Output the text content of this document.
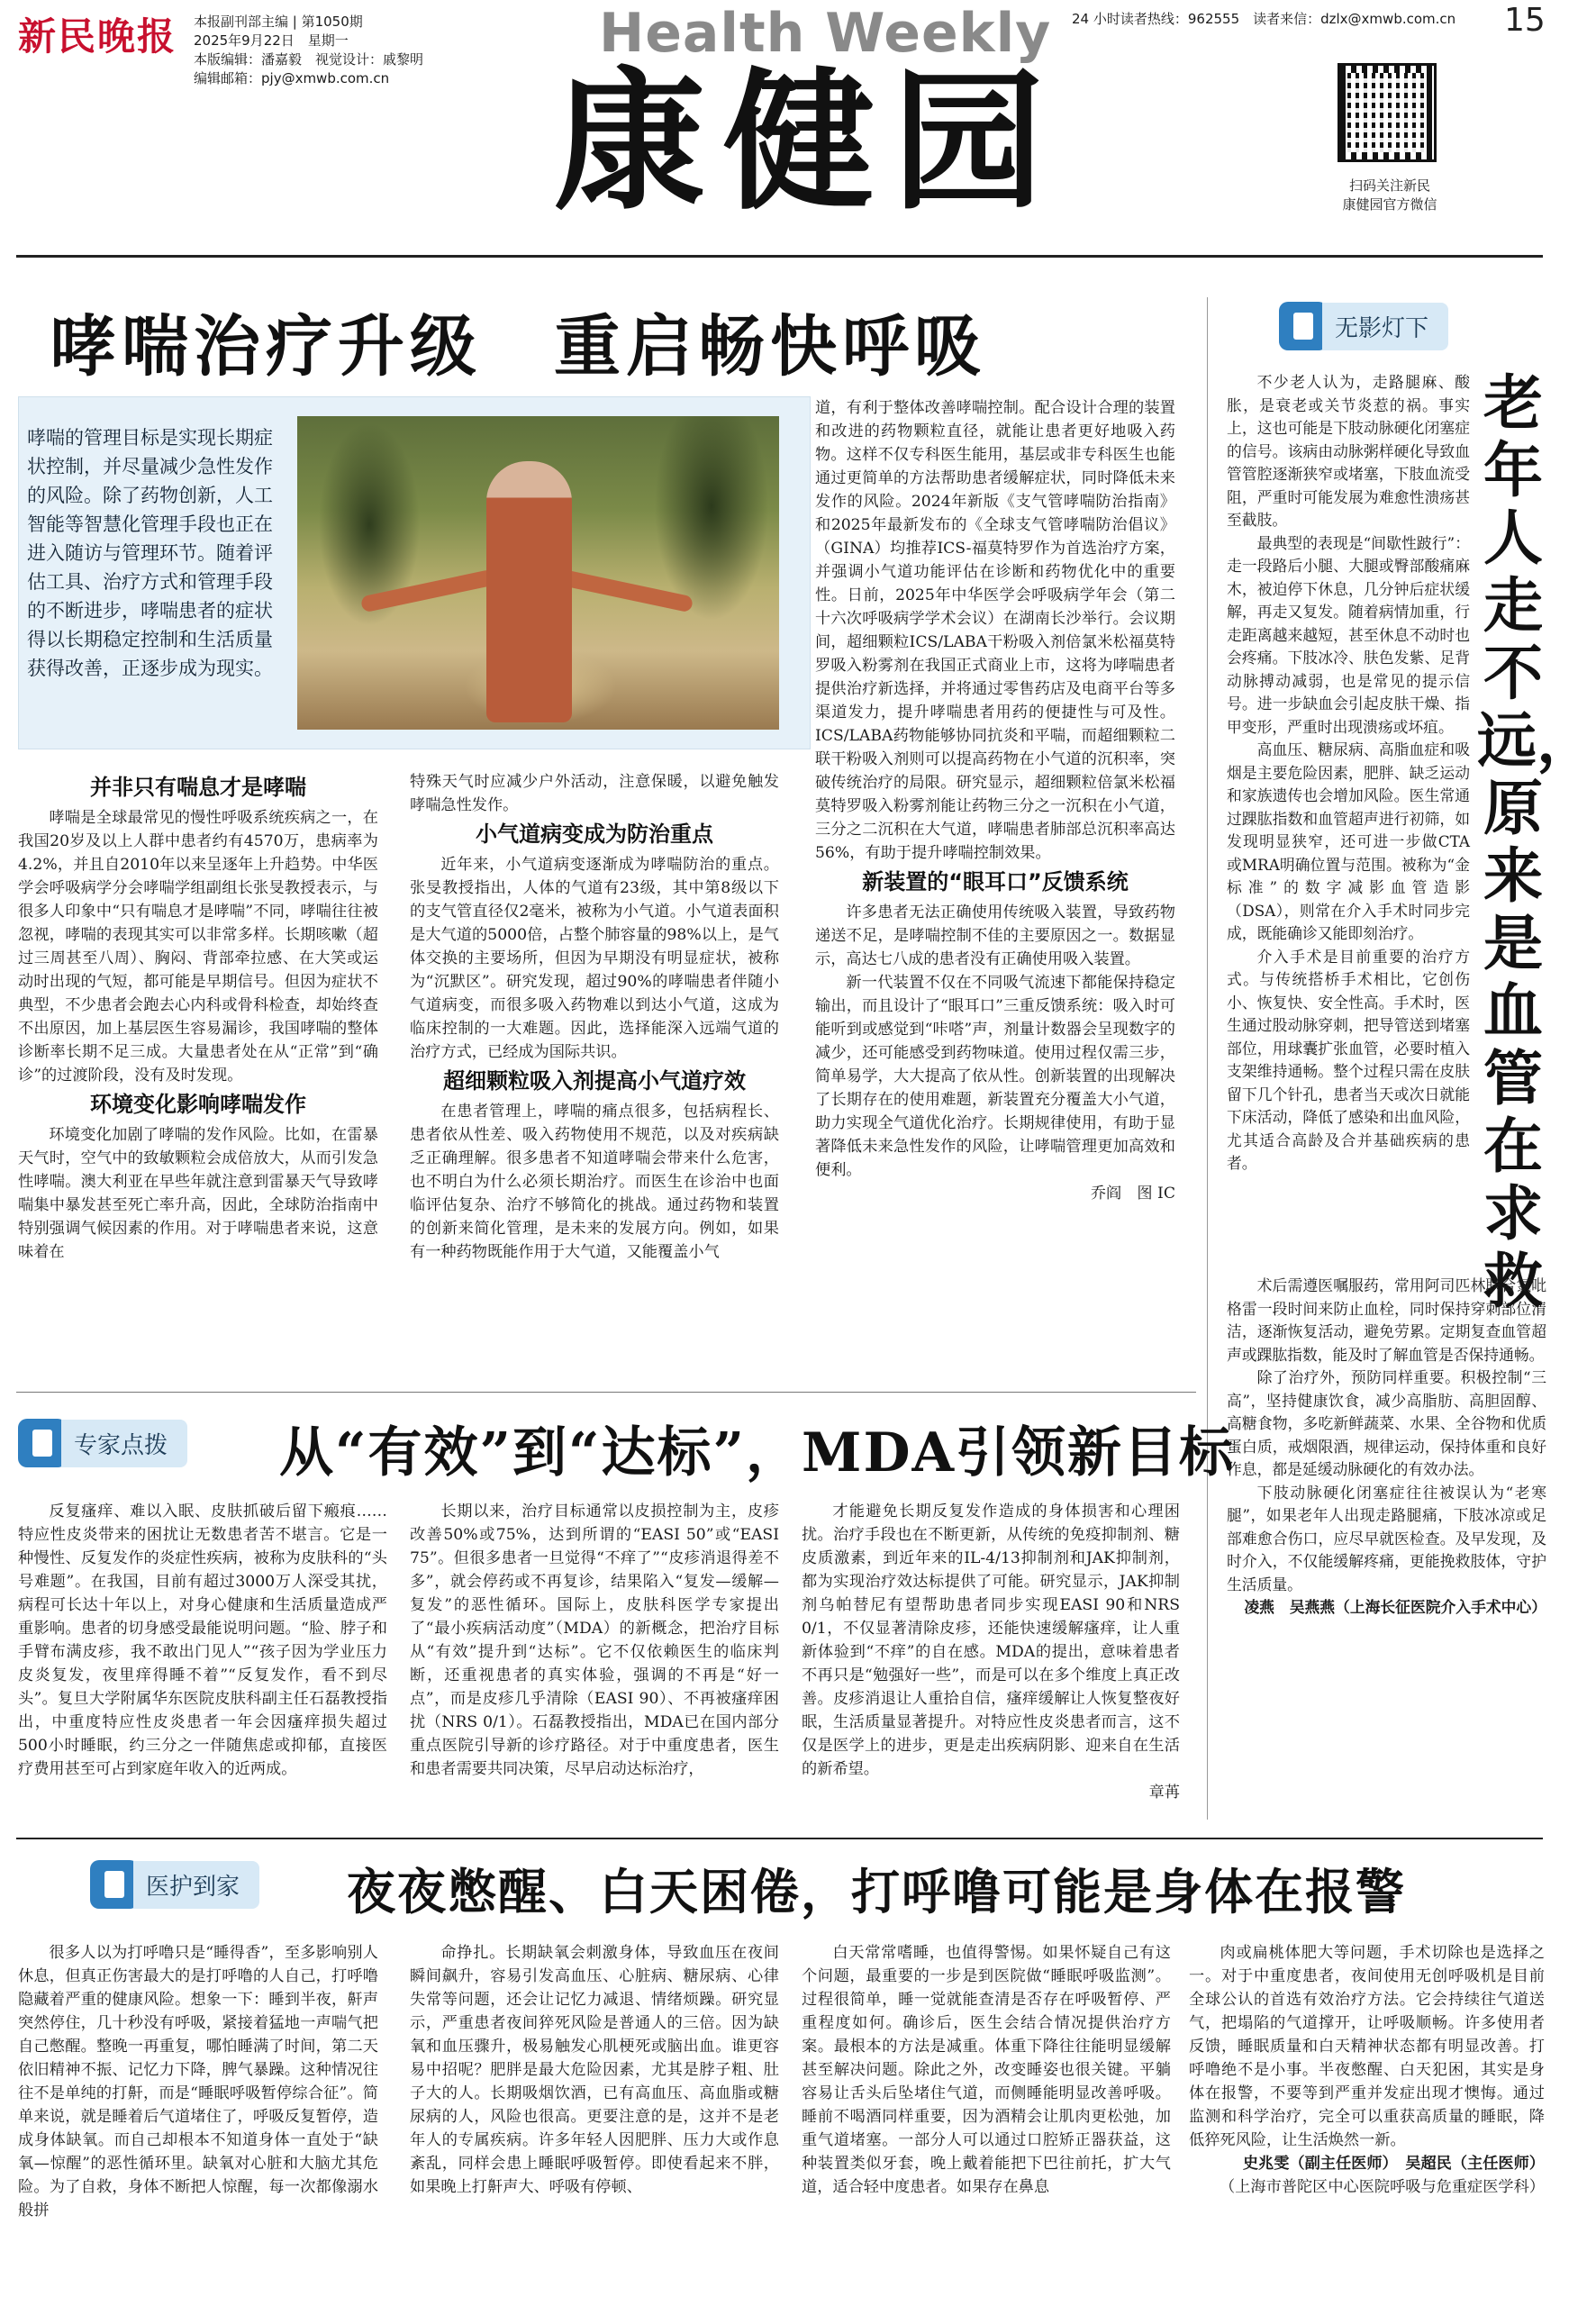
新民晚报 本报副刊部主编 | 第1050期
2025年9月22日　星期一
本版编辑：潘嘉毅　视觉设计：戚黎明
编辑邮箱：pjy@xmwb.com.cn
Health Weekly
康健园
24 小时读者热线：962555　读者来信：dzlx@xmwb.com.cn 15
扫码关注新民
康健园官方微信
哮喘治疗升级　重启畅快呼吸
哮喘的管理目标是实现长期症状控制，并尽量减少急性发作的风险。除了药物创新，人工智能等智慧化管理手段也正在进入随访与管理环节。随着评估工具、治疗方式和管理手段的不断进步，哮喘患者的症状得以长期稳定控制和生活质量获得改善，正逐步成为现实。
并非只有喘息才是哮喘

哮喘是全球最常见的慢性呼吸系统疾病之一，在我国20岁及以上人群中患者约有4570万，患病率为4.2%，并且自2010年以来呈逐年上升趋势。中华医学会呼吸病学分会哮喘学组副组长张旻教授表示，与很多人印象中“只有喘息才是哮喘”不同，哮喘往往被忽视，哮喘的表现其实可以非常多样。长期咳嗽（超过三周甚至八周）、胸闷、背部牵拉感、在大笑或运动时出现的气短，都可能是早期信号。但因为症状不典型，不少患者会跑去心内科或骨科检查，却始终查不出原因，加上基层医生容易漏诊，我国哮喘的整体诊断率长期不足三成。大量患者处在从“正常”到“确诊”的过渡阶段，没有及时发现。

环境变化影响哮喘发作

环境变化加剧了哮喘的发作风险。比如，在雷暴天气时，空气中的致敏颗粒会成倍放大，从而引发急性哮喘。澳大利亚在早些年就注意到雷暴天气导致哮喘集中暴发甚至死亡率升高，因此，全球防治指南中特别强调气候因素的作用。对于哮喘患者来说，这意味着在

特殊天气时应减少户外活动，注意保暖，以避免触发哮喘急性发作。

小气道病变成为防治重点

近年来，小气道病变逐渐成为哮喘防治的重点。张旻教授指出，人体的气道有23级，其中第8级以下的支气管直径仅2毫米，被称为小气道。小气道表面积是大气道的5000倍，占整个肺容量的98%以上，是气体交换的主要场所，但因为早期没有明显症状，被称为“沉默区”。研究发现，超过90%的哮喘患者伴随小气道病变，而很多吸入药物难以到达小气道，这成为临床控制的一大难题。因此，选择能深入远端气道的治疗方式，已经成为国际共识。

超细颗粒吸入剂提高小气道疗效

在患者管理上，哮喘的痛点很多，包括病程长、患者依从性差、吸入药物使用不规范，以及对疾病缺乏正确理解。很多患者不知道哮喘会带来什么危害，也不明白为什么必须长期治疗。而医生在诊治中也面临评估复杂、治疗不够简化的挑战。通过药物和装置的创新来简化管理，是未来的发展方向。例如，如果有一种药物既能作用于大气道，又能覆盖小气

道，有利于整体改善哮喘控制。配合设计合理的装置和改进的药物颗粒直径，就能让患者更好地吸入药物。这样不仅专科医生能用，基层或非专科医生也能通过更简单的方法帮助患者缓解症状，同时降低未来发作的风险。2024年新版《支气管哮喘防治指南》和2025年最新发布的《全球支气管哮喘防治倡议》（GINA）均推荐ICS-福莫特罗作为首选治疗方案，并强调小气道功能评估在诊断和药物优化中的重要性。日前，2025年中华医学会呼吸病学年会（第二十六次呼吸病学学术会议）在湖南长沙举行。会议期间，超细颗粒ICS/LABA干粉吸入剂倍氯米松福莫特罗吸入粉雾剂在我国正式商业上市，这将为哮喘患者提供治疗新选择，并将通过零售药店及电商平台等多渠道发力，提升哮喘患者用药的便捷性与可及性。ICS/LABA药物能够协同抗炎和平喘，而超细颗粒二联干粉吸入剂则可以提高药物在小气道的沉积率，突破传统治疗的局限。研究显示，超细颗粒倍氯米松福莫特罗吸入粉雾剂能让药物三分之一沉积在小气道，三分之二沉积在大气道，哮喘患者肺部总沉积率高达56%，有助于提升哮喘控制效果。

新装置的“眼耳口”反馈系统

许多患者无法正确使用传统吸入装置，导致药物递送不足，是哮喘控制不佳的主要原因之一。数据显示，高达七八成的患者没有正确使用吸入装置。

新一代装置不仅在不同吸气流速下都能保持稳定输出，而且设计了“眼耳口”三重反馈系统：吸入时可能听到或感觉到“咔嗒”声，剂量计数器会呈现数字的减少，还可能感受到药物味道。使用过程仅需三步，简单易学，大大提高了依从性。创新装置的出现解决了长期存在的使用难题，新装置充分覆盖大小气道，助力实现全气道优化治疗。长期规律使用，有助于显著降低未来急性发作的风险，让哮喘管理更加高效和便利。

乔阎　图 IC
无影灯下
老年人走不远，原来是血管在求救

不少老人认为，走路腿麻、酸胀，是衰老或关节炎惹的祸。事实上，这也可能是下肢动脉硬化闭塞症的信号。该病由动脉粥样硬化导致血管管腔逐渐狭窄或堵塞，下肢血流受阻，严重时可能发展为难愈性溃疡甚至截肢。

最典型的表现是“间歇性跛行”：走一段路后小腿、大腿或臀部酸痛麻木，被迫停下休息，几分钟后症状缓解，再走又复发。随着病情加重，行走距离越来越短，甚至休息不动时也会疼痛。下肢冰冷、肤色发紫、足背动脉搏动减弱，也是常见的提示信号。进一步缺血会引起皮肤干燥、指甲变形，严重时出现溃疡或坏疽。

高血压、糖尿病、高脂血症和吸烟是主要危险因素，肥胖、缺乏运动和家族遗传也会增加风险。医生常通过踝肱指数和血管超声进行初筛，如发现明显狭窄，还可进一步做CTA或MRA明确位置与范围。被称为“金标准”的数字减影血管造影（DSA），则常在介入手术时同步完成，既能确诊又能即刻治疗。

介入手术是目前重要的治疗方式。与传统搭桥手术相比，它创伤小、恢复快、安全性高。手术时，医生通过股动脉穿刺，把导管送到堵塞部位，用球囊扩张血管，必要时植入支架维持通畅。整个过程只需在皮肤留下几个针孔，患者当天或次日就能下床活动，降低了感染和出血风险，尤其适合高龄及合并基础疾病的患者。

术后需遵医嘱服药，常用阿司匹林联合氯吡格雷一段时间来防止血栓，同时保持穿刺部位清洁，逐渐恢复活动，避免劳累。定期复查血管超声或踝肱指数，能及时了解血管是否保持通畅。

除了治疗外，预防同样重要。积极控制“三高”，坚持健康饮食，减少高脂肪、高胆固醇、高糖食物，多吃新鲜蔬菜、水果、全谷物和优质蛋白质，戒烟限酒，规律运动，保持体重和良好作息，都是延缓动脉硬化的有效办法。

下肢动脉硬化闭塞症往往被误认为“老寒腿”，如果老年人出现走路腿痛，下肢冰凉或足部难愈合伤口，应尽早就医检查。及早发现，及时介入，不仅能缓解疼痛，更能挽救肢体，守护生活质量。

凌燕　吴燕燕（上海长征医院介入手术中心）
专家点拨	从“有效”到“达标”，MDA引领新目标

反复瘙痒、难以入眠、皮肤抓破后留下瘢痕……特应性皮炎带来的困扰让无数患者苦不堪言。它是一种慢性、反复发作的炎症性疾病，被称为皮肤科的“头号难题”。在我国，目前有超过3000万人深受其扰，病程可长达十年以上，对身心健康和生活质量造成严重影响。患者的切身感受最能说明问题。“脸、脖子和手臂布满皮疹，我不敢出门见人”“孩子因为学业压力皮炎复发，夜里痒得睡不着”“反复发作，看不到尽头”。复旦大学附属华东医院皮肤科副主任石磊教授指出，中重度特应性皮炎患者一年会因瘙痒损失超过500小时睡眠，约三分之一伴随焦虑或抑郁，直接医疗费用甚至可占到家庭年收入的近两成。

长期以来，治疗目标通常以皮损控制为主，皮疹改善50%或75%，达到所谓的“EASI 50”或“EASI 75”。但很多患者一旦觉得“不痒了”“皮疹消退得差不多”，就会停药或不再复诊，结果陷入“复发—缓解—复发”的恶性循环。国际上，皮肤科医学专家提出了“最小疾病活动度”（MDA）的新概念，把治疗目标从“有效”提升到“达标”。它不仅依赖医生的临床判断，还重视患者的真实体验，强调的不再是“好一点”，而是皮疹几乎清除（EASI 90）、不再被瘙痒困扰（NRS 0/1）。石磊教授指出，MDA已在国内部分重点医院引导新的诊疗路径。对于中重度患者，医生和患者需要共同决策，尽早启动达标治疗，

才能避免长期反复发作造成的身体损害和心理困扰。治疗手段也在不断更新，从传统的免疫抑制剂、糖皮质激素，到近年来的IL-4/13抑制剂和JAK抑制剂，都为实现治疗效达标提供了可能。研究显示，JAK抑制剂乌帕替尼有望帮助患者同步实现EASI 90和NRS 0/1，不仅显著清除皮疹，还能快速缓解瘙痒，让人重新体验到“不痒”的自在感。MDA的提出，意味着患者不再只是“勉强好一些”，而是可以在多个维度上真正改善。皮疹消退让人重拾自信，瘙痒缓解让人恢复整夜好眠，生活质量显著提升。对特应性皮炎患者而言，这不仅是医学上的进步，更是走出疾病阴影、迎来自在生活的新希望。

章苒
医护到家	夜夜憋醒、白天困倦，打呼噜可能是身体在报警

很多人以为打呼噜只是“睡得香”，至多影响别人休息，但真正伤害最大的是打呼噜的人自己，打呼噜隐藏着严重的健康风险。想象一下：睡到半夜，鼾声突然停住，几十秒没有呼吸，紧接着猛地一声喘气把自己憋醒。整晚一再重复，哪怕睡满了时间，第二天依旧精神不振、记忆力下降，脾气暴躁。这种情况往往不是单纯的打鼾，而是“睡眠呼吸暂停综合征”。简单来说，就是睡着后气道堵住了，呼吸反复暂停，造成身体缺氧。而自己却根本不知道身体一直处于“缺氧—惊醒”的恶性循环里。缺氧对心脏和大脑尤其危险。为了自救，身体不断把人惊醒，每一次都像溺水般拼

命挣扎。长期缺氧会刺激身体，导致血压在夜间瞬间飙升，容易引发高血压、心脏病、糖尿病、心律失常等问题，还会让记忆力减退、情绪烦躁。研究显示，严重患者夜间猝死风险是普通人的三倍。因为缺氧和血压骤升，极易触发心肌梗死或脑出血。谁更容易中招呢？肥胖是最大危险因素，尤其是脖子粗、肚子大的人。长期吸烟饮酒，已有高血压、高血脂或糖尿病的人，风险也很高。更要注意的是，这并不是老年人的专属疾病。许多年轻人因肥胖、压力大或作息紊乱，同样会患上睡眠呼吸暂停。即使看起来不胖，如果晚上打鼾声大、呼吸有停顿、

白天常常嗜睡，也值得警惕。如果怀疑自己有这个问题，最重要的一步是到医院做“睡眠呼吸监测”。过程很简单，睡一觉就能查清是否存在呼吸暂停、严重程度如何。确诊后，医生会结合情况提供治疗方案。最根本的方法是减重。体重下降往往能明显缓解甚至解决问题。除此之外，改变睡姿也很关键。平躺容易让舌头后坠堵住气道，而侧睡能明显改善呼吸。睡前不喝酒同样重要，因为酒精会让肌肉更松弛，加重气道堵塞。一部分人可以通过口腔矫正器获益，这种装置类似牙套，晚上戴着能把下巴往前托，扩大气道，适合轻中度患者。如果存在鼻息

肉或扁桃体肥大等问题，手术切除也是选择之一。对于中重度患者，夜间使用无创呼吸机是目前全球公认的首选有效治疗方法。它会持续往气道送气，把塌陷的气道撑开，让呼吸顺畅。许多使用者反馈，睡眠质量和白天精神状态都有明显改善。打呼噜绝不是小事。半夜憋醒、白天犯困，其实是身体在报警，不要等到严重并发症出现才懊悔。通过监测和科学治疗，完全可以重获高质量的睡眠，降低猝死风险，让生活焕然一新。

史兆雯（副主任医师）　吴超民（主任医师）
（上海市普陀区中心医院呼吸与危重症医学科）
